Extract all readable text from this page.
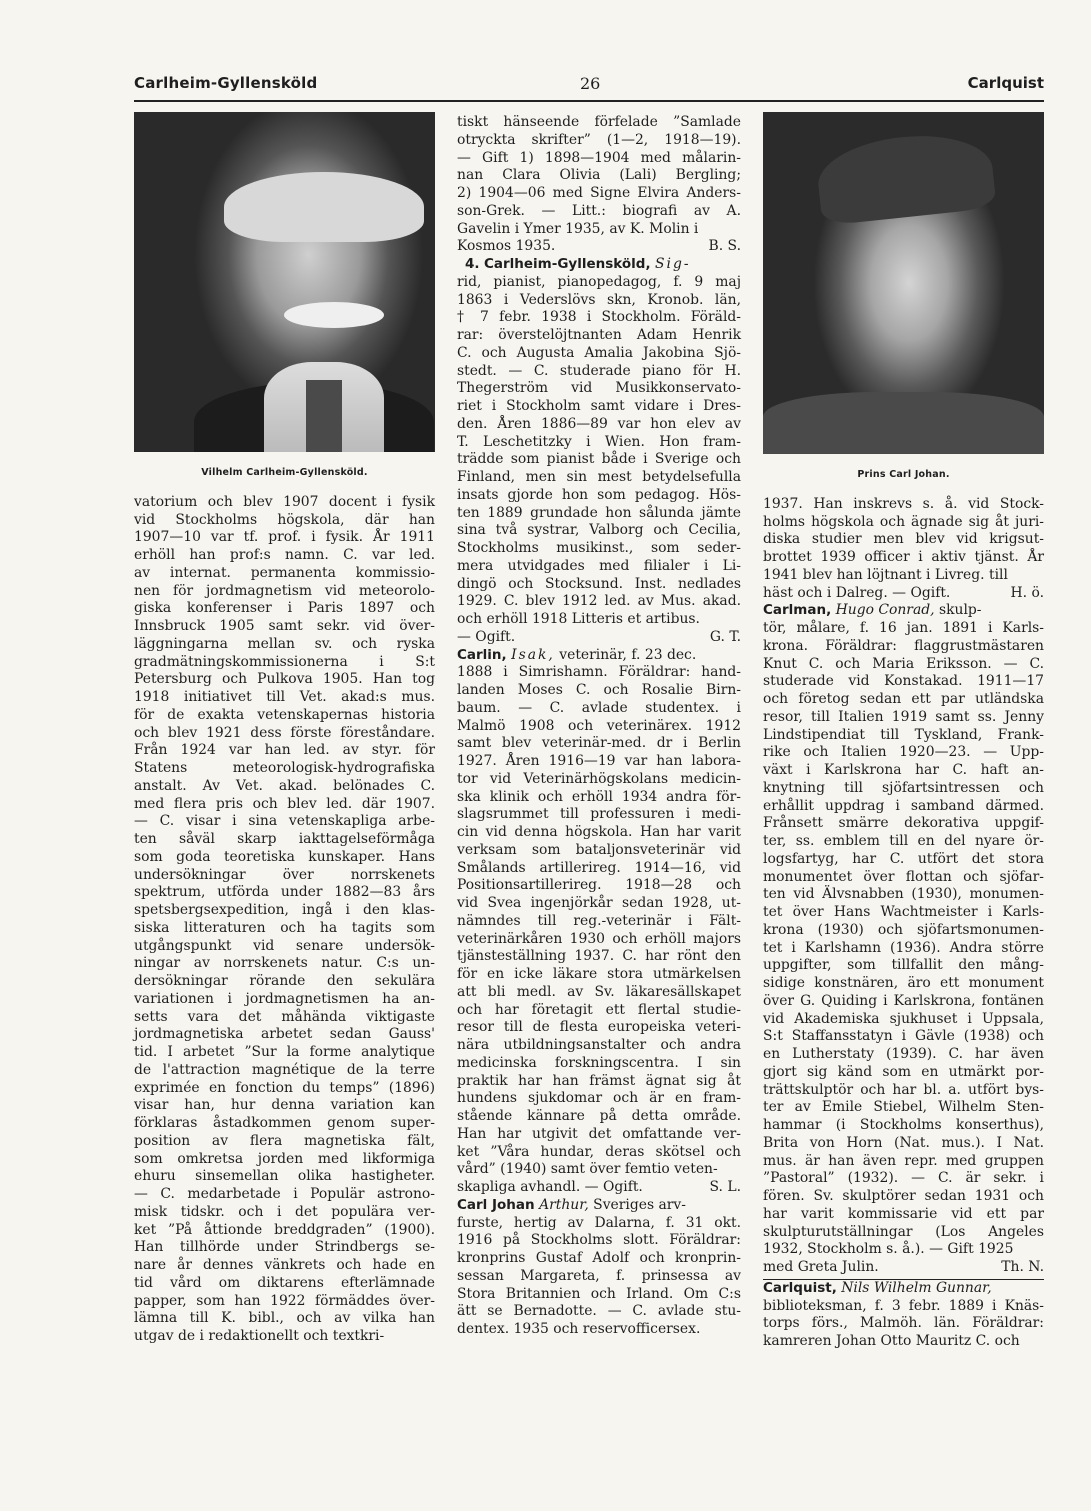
Carlheim-Gyllensköld	26	Carlquist
Vilhelm Carlheim-Gyllensköld.

vatorium och blev 1907 docent i fysik

vid Stockholms högskola, där han

1907—10 var tf. prof. i fysik. År 1911

erhöll han prof:s namn. C. var led.

av internat. permanenta kommissio-

nen för jordmagnetism vid meteorolo-

giska konferenser i Paris 1897 och

Innsbruck 1905 samt sekr. vid över-

läggningarna mellan sv. och ryska

gradmätningskommissionerna i S:t

Petersburg och Pulkova 1905. Han tog

1918 initiativet till Vet. akad:s mus.

för de exakta vetenskapernas historia

och blev 1921 dess förste föreståndare.

Från 1924 var han led. av styr. för

Statens meteorologisk-hydrografiska

anstalt. Av Vet. akad. belönades C.

med flera pris och blev led. där 1907.

— C. visar i sina vetenskapliga arbe-

ten såväl skarp iakttagelseförmåga

som goda teoretiska kunskaper. Hans

undersökningar över norrskenets

spektrum, utförda under 1882—83 års

spetsbergsexpedition, ingå i den klas-

siska litteraturen och ha tagits som

utgångspunkt vid senare undersök-

ningar av norrskenets natur. C:s un-

dersökningar rörande den sekulära

variationen i jordmagnetismen ha an-

setts vara det måhända viktigaste

jordmagnetiska arbetet sedan Gauss'

tid. I arbetet ”Sur la forme analytique

de l'attraction magnétique de la terre

exprimée en fonction du temps” (1896)

visar han, hur denna variation kan

förklaras åstadkommen genom super-

position av flera magnetiska fält,

som omkretsa jorden med likformiga

ehuru sinsemellan olika hastigheter.

— C. medarbetade i Populär astrono-

misk tidskr. och i det populära ver-

ket ”På åttionde breddgraden” (1900).

Han tillhörde under Strindbergs se-

nare år dennes vänkrets och hade en

tid vård om diktarens efterlämnade

papper, som han 1922 förmäddes över-

lämna till K. bibl., och av vilka han

utgav de i redaktionellt och textkri-

tiskt hänseende förfelade ”Samlade

otryckta skrifter” (1—2, 1918—19).

— Gift 1) 1898—1904 med målarin-

nan Clara Olivia (Lali) Bergling;

2) 1904—06 med Signe Elvira Anders-

son-Grek. — Litt.: biografi av A.

Gavelin i Ymer 1935, av K. Molin i

Kosmos 1935.	B. S.

4. Carlheim-Gyllensköld, Sig-

rid, pianist, pianopedagog, f. 9 maj

1863 i Vederslövs skn, Kronob. län,

† 7 febr. 1938 i Stockholm. Föräld-

rar: överstelöjtnanten Adam Henrik

C. och Augusta Amalia Jakobina Sjö-

stedt. — C. studerade piano för H.

Thegerström vid Musikkonservato-

riet i Stockholm samt vidare i Dres-

den. Åren 1886—89 var hon elev av

T. Leschetitzky i Wien. Hon fram-

trädde som pianist både i Sverige och

Finland, men sin mest betydelsefulla

insats gjorde hon som pedagog. Hös-

ten 1889 grundade hon sålunda jämte

sina två systrar, Valborg och Cecilia,

Stockholms musikinst., som seder-

mera utvidgades med filialer i Li-

dingö och Stocksund. Inst. nedlades

1929. C. blev 1912 led. av Mus. akad.

och erhöll 1918 Litteris et artibus.

— Ogift.	G. T.

Carlin, Isak, veterinär, f. 23 dec.

1888 i Simrishamn. Föräldrar: hand-

landen Moses C. och Rosalie Birn-

baum. — C. avlade studentex. i

Malmö 1908 och veterinärex. 1912

samt blev veterinär-med. dr i Berlin

1927. Åren 1916—19 var han labora-

tor vid Veterinärhögskolans medicin-

ska klinik och erhöll 1934 andra för-

slagsrummet till professuren i medi-

cin vid denna högskola. Han har varit

verksam som bataljonsveterinär vid

Smålands artillerireg. 1914—16, vid

Positionsartillerireg. 1918—28 och

vid Svea ingenjörkår sedan 1928, ut-

nämndes till reg.-veterinär i Fält-

veterinärkåren 1930 och erhöll majors

tjänsteställning 1937. C. har rönt den

för en icke läkare stora utmärkelsen

att bli medl. av Sv. läkaresällskapet

och har företagit ett flertal studie-

resor till de flesta europeiska veteri-

nära utbildningsanstalter och andra

medicinska forskningscentra. I sin

praktik har han främst ägnat sig åt

hundens sjukdomar och är en fram-

stående kännare på detta område.

Han har utgivit det omfattande ver-

ket ”Våra hundar, deras skötsel och

vård” (1940) samt över femtio veten-

skapliga avhandl. — Ogift.	S. L.

Carl Johan Arthur, Sveriges arv-

furste, hertig av Dalarna, f. 31 okt.

1916 på Stockholms slott. Föräldrar:

kronprins Gustaf Adolf och kronprin-

sessan Margareta, f. prinsessa av

Stora Britannien och Irland. Om C:s

ätt se Bernadotte. — C. avlade stu-

dentex. 1935 och reservofficersex.

Prins Carl Johan.

1937. Han inskrevs s. å. vid Stock-

holms högskola och ägnade sig åt juri-

diska studier men blev vid krigsut-

brottet 1939 officer i aktiv tjänst. År

1941 blev han löjtnant i Livreg. till

häst och i Dalreg. — Ogift.	H. ö.

Carlman, Hugo Conrad, skulp-

tör, målare, f. 16 jan. 1891 i Karls-

krona. Föräldrar: flaggrustmästaren

Knut C. och Maria Eriksson. — C.

studerade vid Konstakad. 1911—17

och företog sedan ett par utländska

resor, till Italien 1919 samt ss. Jenny

Lindstipendiat till Tyskland, Frank-

rike och Italien 1920—23. — Upp-

växt i Karlskrona har C. haft an-

knytning till sjöfartsintressen och

erhållit uppdrag i samband därmed.

Frånsett smärre dekorativa uppgif-

ter, ss. emblem till en del nyare ör-

logsfartyg, har C. utfört det stora

monumentet över flottan och sjöfar-

ten vid Älvsnabben (1930), monumen-

tet över Hans Wachtmeister i Karls-

krona (1930) och sjöfartsmonumen-

tet i Karlshamn (1936). Andra större

uppgifter, som tillfallit den mång-

sidige konstnären, äro ett monument

över G. Quiding i Karlskrona, fontänen

vid Akademiska sjukhuset i Uppsala,

S:t Staffansstatyn i Gävle (1938) och

en Lutherstaty (1939). C. har även

gjort sig känd som en utmärkt por-

trättskulptör och har bl. a. utfört bys-

ter av Emile Stiebel, Wilhelm Sten-

hammar (i Stockholms konserthus),

Brita von Horn (Nat. mus.). I Nat.

mus. är han även repr. med gruppen

”Pastoral” (1932). — C. är sekr. i

fören. Sv. skulptörer sedan 1931 och

har varit kommissarie vid ett par

skulpturutställningar (Los Angeles

1932, Stockholm s. å.). — Gift 1925

med Greta Julin.	Th. N.

Carlquist, Nils Wilhelm Gunnar,

biblioteksman, f. 3 febr. 1889 i Knäs-

torps förs., Malmöh. län. Föräldrar:

kamreren Johan Otto Mauritz C. och
